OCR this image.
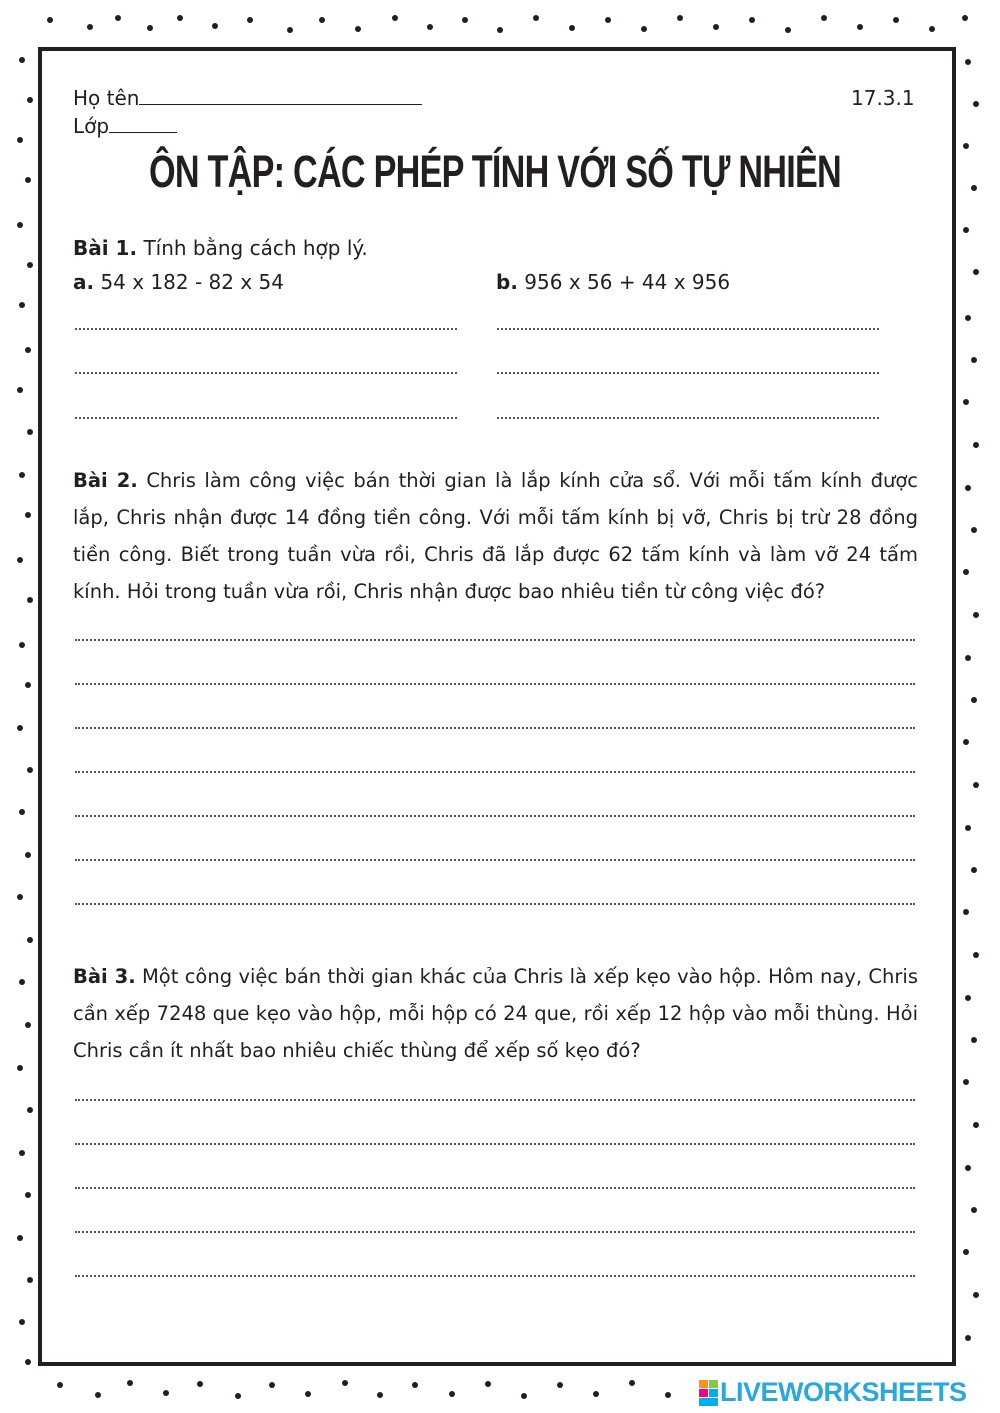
Họ tên
Lớp
17.3.1
ÔN TẬP: CÁC PHÉP TÍNH VỚI SỐ TỰ NHIÊN
Bài 1. Tính bằng cách hợp lý.
a. 54 x 182 - 82 x 54	b. 956 x 56 + 44 x 956
Bài 2. Chris làm công việc bán thời gian là lắp kính cửa sổ. Với mỗi tấm kính được lắp, Chris nhận được 14 đồng tiền công. Với mỗi tấm kính bị vỡ, Chris bị trừ 28 đồng tiền công. Biết trong tuần vừa rồi, Chris đã lắp được 62 tấm kính và làm vỡ 24 tấm kính. Hỏi trong tuần vừa rồi, Chris nhận được bao nhiêu tiền từ công việc đó?
Bài 3. Một công việc bán thời gian khác của Chris là xếp kẹo vào hộp. Hôm nay, Chris cần xếp 7248 que kẹo vào hộp, mỗi hộp có 24 que, rồi xếp 12 hộp vào mỗi thùng. Hỏi Chris cần ít nhất bao nhiêu chiếc thùng để xếp số kẹo đó?
LIVEWORKSHEETS
